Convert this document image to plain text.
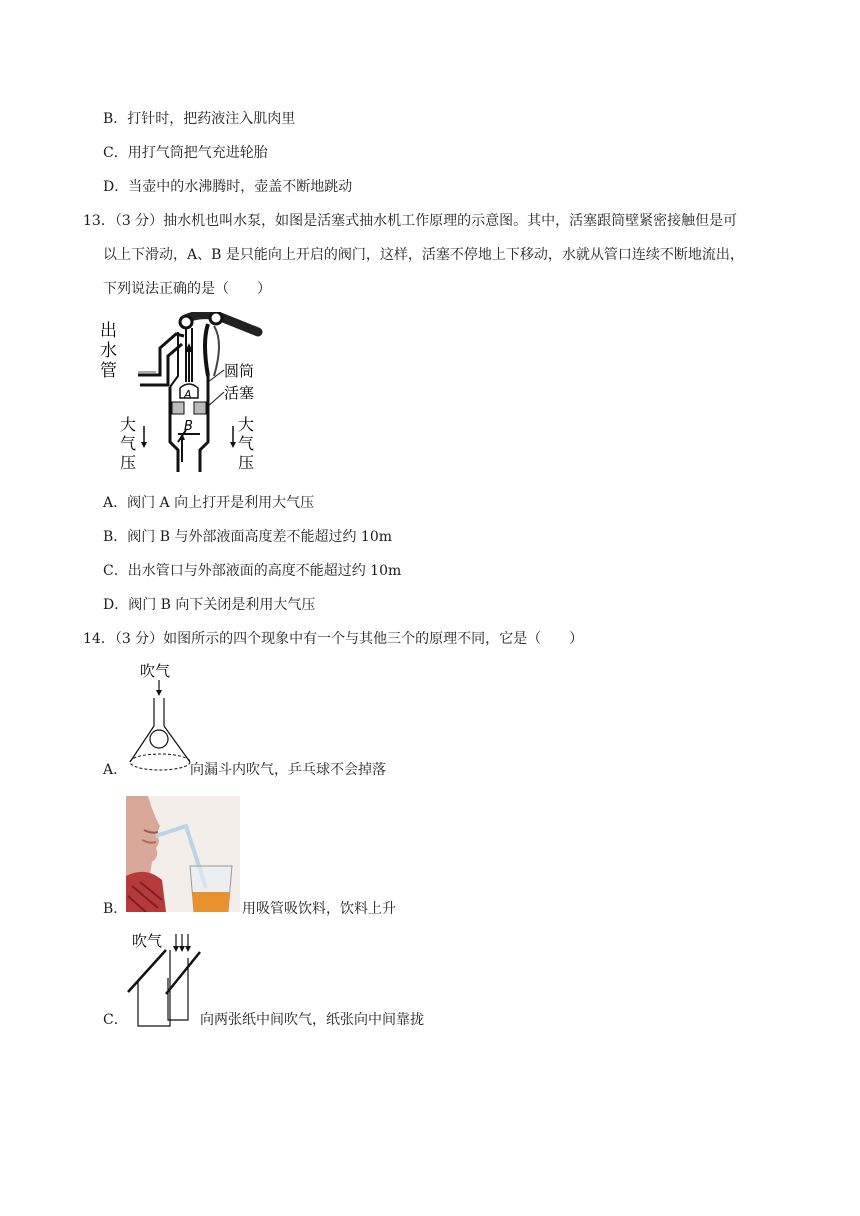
B．打针时，把药液注入肌肉里
C．用打气筒把气充进轮胎
D．当壶中的水沸腾时，壶盖不断地跳动
13．（3 分）抽水机也叫水泵，如图是活塞式抽水机工作原理的示意图。其中，活塞跟筒壁紧密接触但是可
以上下滑动，A、B 是只能向上开启的阀门，这样，活塞不停地上下移动，水就从管口连续不断地流出，
下列说法正确的是（　　）
出
水
管	圆筒
活塞
A
B
大
气
压
大
气
压
A．阀门 A 向上打开是利用大气压
B．阀门 B 与外部液面高度差不能超过约 10m
C．出水管口与外部液面的高度不能超过约 10m
D．阀门 B 向下关闭是利用大气压
14．（3 分）如图所示的四个现象中有一个与其他三个的原理不同，它是（　　）
吹气
A．	向漏斗内吹气，乒乓球不会掉落
B．	用吸管吸饮料，饮料上升
吹气
C．	向两张纸中间吹气，纸张向中间靠拢
